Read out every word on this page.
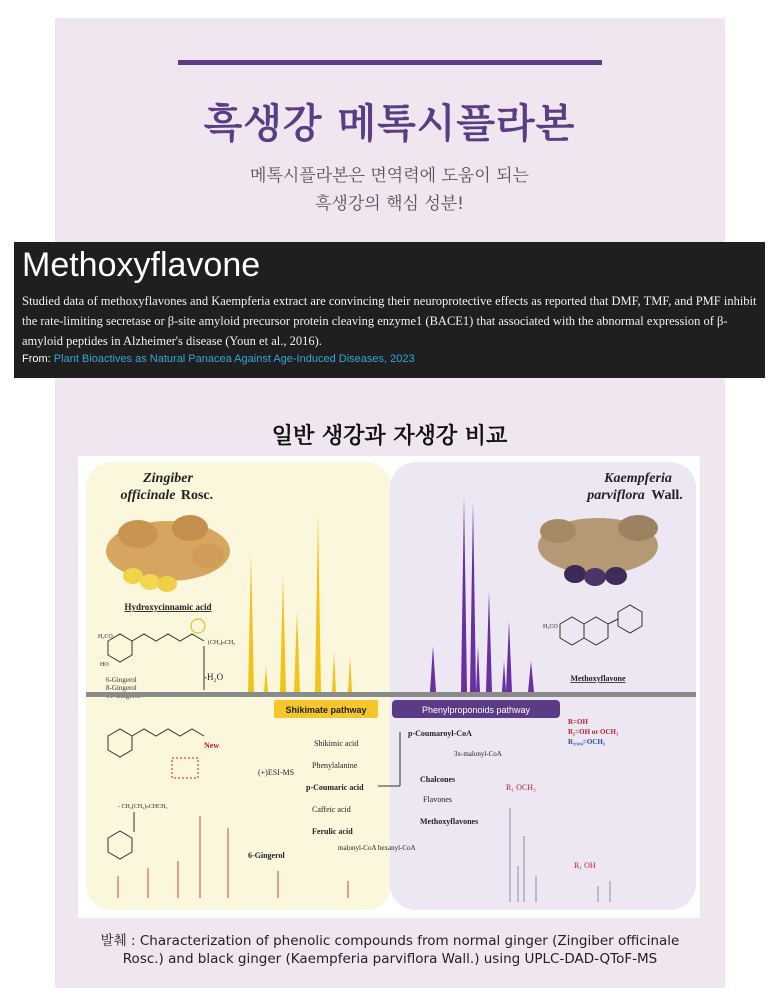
흑생강 메톡시플라본
메톡시플라본은 면역력에 도움이 되는
흑생강의 핵심 성분!
Methoxyflavone
Studied data of methoxyflavones and Kaempferia extract are convincing their neuroprotective effects as reported that DMF, TMF, and PMF inhibit the rate-limiting secretase or β-site amyloid precursor protein cleaving enzyme1 (BACE1) that associated with the abnormal expression of β-amyloid peptides in Alzheimer's disease (Youn et al., 2016).
From: Plant Bioactives as Natural Panacea Against Age-Induced Diseases, 2023
일반 생강과 자생강 비교
Zingiber
officinale Rosc.
Hydroxycinnamic acid
H₃CO
HO
(CH₂)ₙCH₃
6-Gingerol
8-Gingerol
-H₂O
New
(+)ESI-MS
- CH₂(CH₂)ₙCHCH₃
Kaempferia
parviflora Wall.
H₃CO
Methoxyflavone
Shikimate pathway	Phenylproponoids pathway
Shikimic acid
Phenylalanine
p-Coumaric acid
Caffeic acid
Ferulic acid
malonyl-CoA hexanyl-CoA
6-Gingerol
p-Coumaroyl-CoA
3x-malonyl-CoA
Chalcones
Flavones
Methoxyflavones
R=OH
R₂=OH or OCH₃
R₁,₃,₄=OCH₃
R₁ OCH₃
R₁ OH
발췌 : Characterization of phenolic compounds from normal ginger (Zingiber officinale
Rosc.) and black ginger (Kaempferia parviflora Wall.) using UPLC-DAD-QToF-MS
